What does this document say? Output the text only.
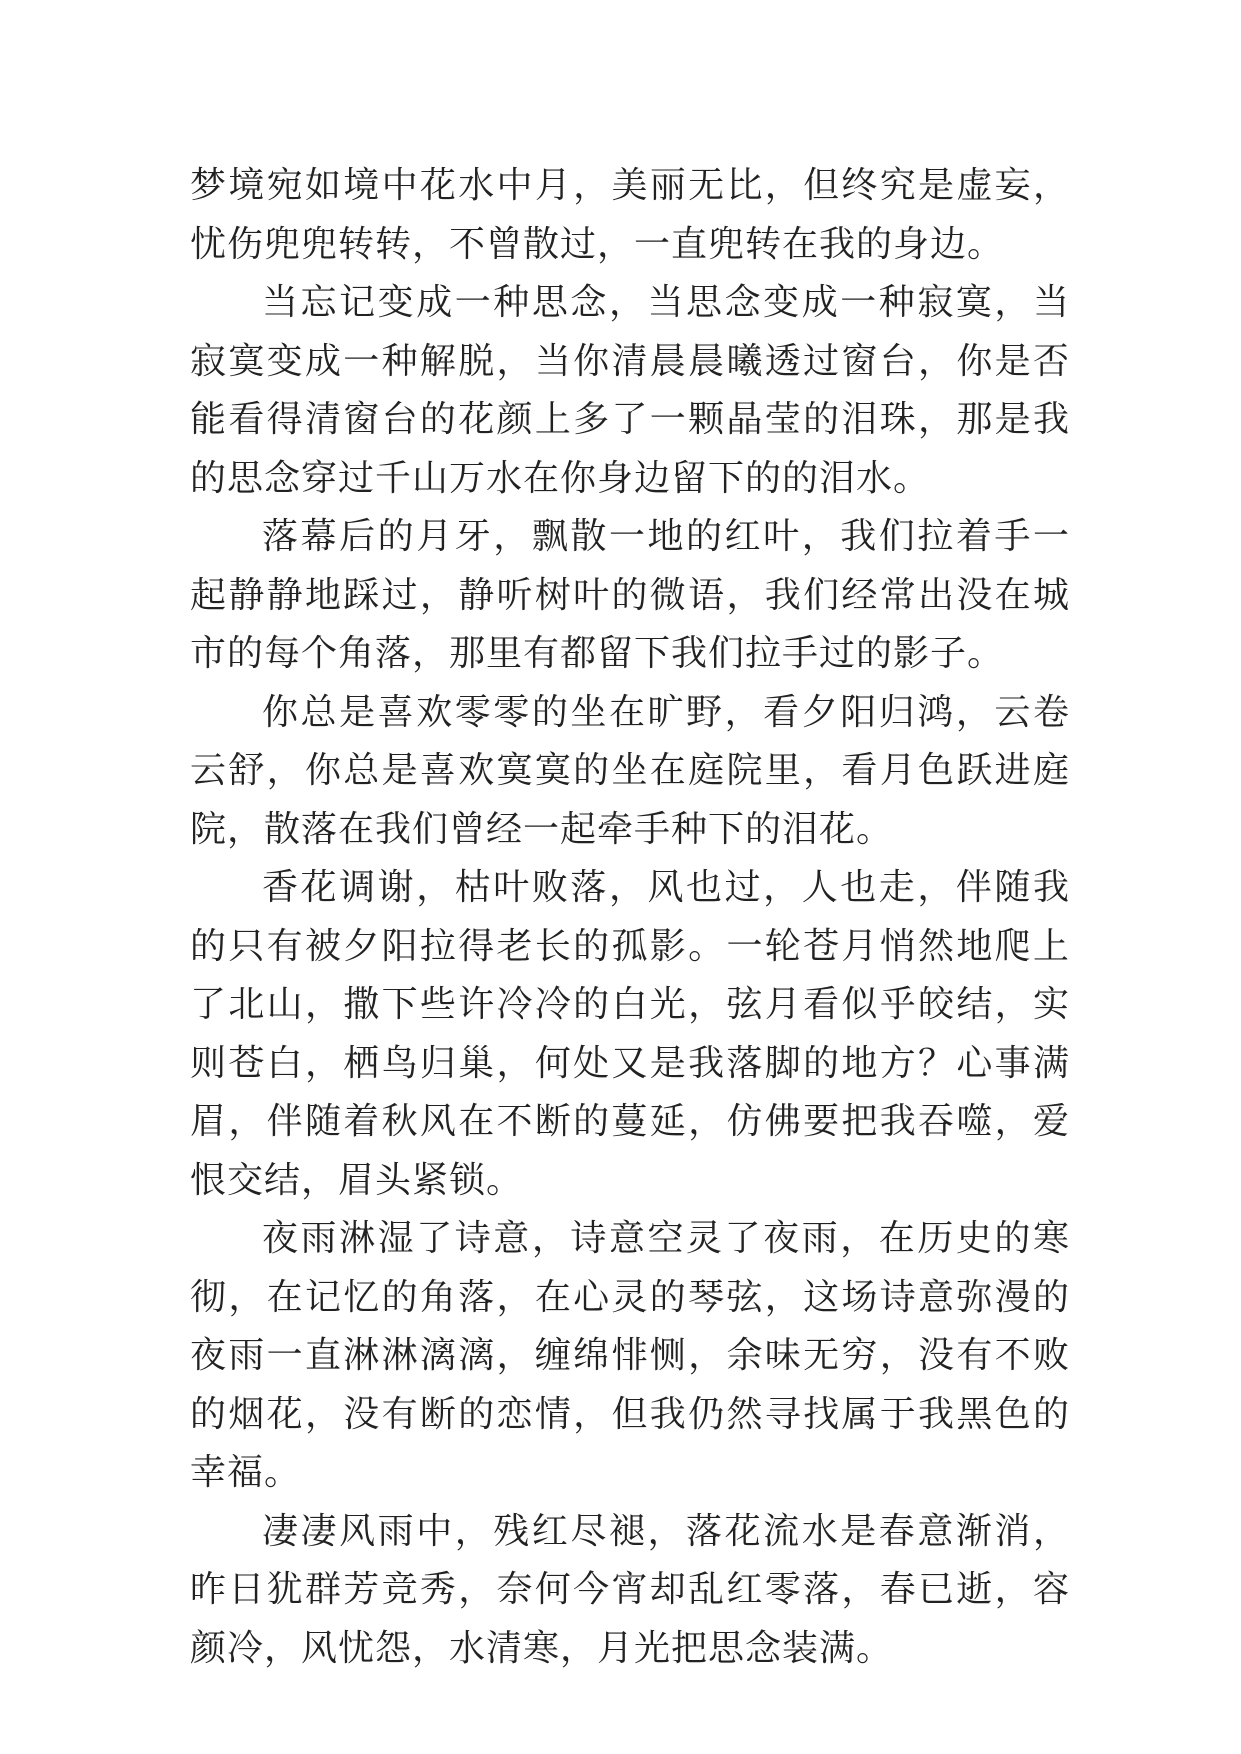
梦境宛如境中花水中月，美丽无比，但终究是虚妄，忧伤兜兜转转，不曾散过，一直兜转在我的身边。

当忘记变成一种思念，当思念变成一种寂寞，当寂寞变成一种解脱，当你清晨晨曦透过窗台，你是否能看得清窗台的花颜上多了一颗晶莹的泪珠，那是我的思念穿过千山万水在你身边留下的的泪水。

落幕后的月牙，飘散一地的红叶，我们拉着手一起静静地踩过，静听树叶的微语，我们经常出没在城市的每个角落，那里有都留下我们拉手过的影子。

你总是喜欢零零的坐在旷野，看夕阳归鸿，云卷云舒，你总是喜欢寞寞的坐在庭院里，看月色跃进庭院，散落在我们曾经一起牵手种下的泪花。

香花调谢，枯叶败落，风也过，人也走，伴随我的只有被夕阳拉得老长的孤影。一轮苍月悄然地爬上了北山，撒下些许冷冷的白光，弦月看似乎皎结，实则苍白，栖鸟归巢，何处又是我落脚的地方？心事满眉，伴随着秋风在不断的蔓延，仿佛要把我吞噬，爱恨交结，眉头紧锁。

夜雨淋湿了诗意，诗意空灵了夜雨，在历史的寒彻，在记忆的角落，在心灵的琴弦，这场诗意弥漫的夜雨一直淋淋漓漓，缠绵悱恻，余味无穷，没有不败的烟花，没有断的恋情，但我仍然寻找属于我黑色的幸福。

凄凄风雨中，残红尽褪，落花流水是春意渐消，昨日犹群芳竞秀，奈何今宵却乱红零落，春已逝，容颜冷，风忧怨，水清寒，月光把思念装满。
